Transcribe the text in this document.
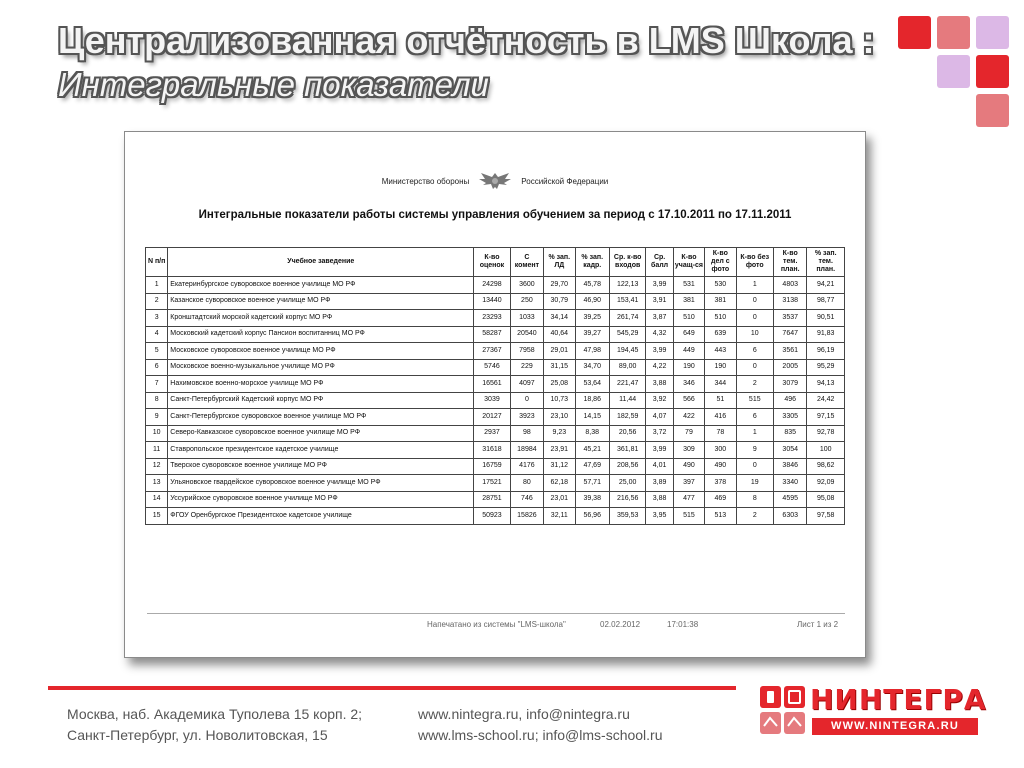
Централизованная отчётность в LMS Школа :
Интегральные показатели
Министерство обороны	Российской Федерации
Интегральные показатели работы системы управления обучением за период с 17.10.2011 по 17.11.2011
N п/п	Учебное заведение	К-во оценок	С комент	% зап. ЛД	% зап. кадр.	Ср. к-во входов	Ср. балл	К-во учащ-ся	К-во дел с фото	К-во без фото	К-во тем. план.	% зап. тем. план.
1	Екатеринбургское суворовское военное училище МО РФ	24298	3600	29,70	45,78	122,13	3,99	531	530	1	4803	94,21
2	Казанское суворовское военное училище МО РФ	13440	250	30,79	46,90	153,41	3,91	381	381	0	3138	98,77
3	Кронштадтский морской кадетский корпус МО РФ	23293	1033	34,14	39,25	261,74	3,87	510	510	0	3537	90,51
4	Московский кадетский корпус Пансион воспитанниц МО РФ	58287	20540	40,64	39,27	545,29	4,32	649	639	10	7647	91,83
5	Московское суворовское военное училище МО РФ	27367	7958	29,01	47,98	194,45	3,99	449	443	6	3561	96,19
6	Московское военно-музыкальное училище МО РФ	5746	229	31,15	34,70	89,00	4,22	190	190	0	2005	95,29
7	Нахимовское военно-морское училище МО РФ	16561	4097	25,08	53,64	221,47	3,88	346	344	2	3079	94,13
8	Санкт-Петербургский Кадетский корпус МО РФ	3039	0	10,73	18,86	11,44	3,92	566	51	515	496	24,42
9	Санкт-Петербургское суворовское военное училище МО РФ	20127	3923	23,10	14,15	182,59	4,07	422	416	6	3305	97,15
10	Северо-Кавказское суворовское военное училище МО РФ	2937	98	9,23	8,38	20,56	3,72	79	78	1	835	92,78
11	Ставропольское президентское кадетское училище	31618	18984	23,91	45,21	361,81	3,99	309	300	9	3054	100
12	Тверское суворовское военное училище МО РФ	16759	4176	31,12	47,69	208,56	4,01	490	490	0	3846	98,62
13	Ульяновское гвардейское суворовское военное училище МО РФ	17521	80	62,18	57,71	25,00	3,89	397	378	19	3340	92,09
14	Уссурийское суворовское военное училище МО РФ	28751	746	23,01	39,38	216,56	3,88	477	469	8	4595	95,08
15	ФГОУ Оренбургское Президентское кадетское училище	50923	15826	32,11	56,96	359,53	3,95	515	513	2	6303	97,58
Напечатано из системы "LMS-школа"	02.02.2012	17:01:38	Лист 1 из 2
Москва, наб. Академика Туполева 15 корп. 2;
Санкт-Петербург, ул. Новолитовская, 15
www.nintegra.ru, info@nintegra.ru
www.lms-school.ru; info@lms-school.ru
НИНТЕГРА
WWW.NINTEGRA.RU
